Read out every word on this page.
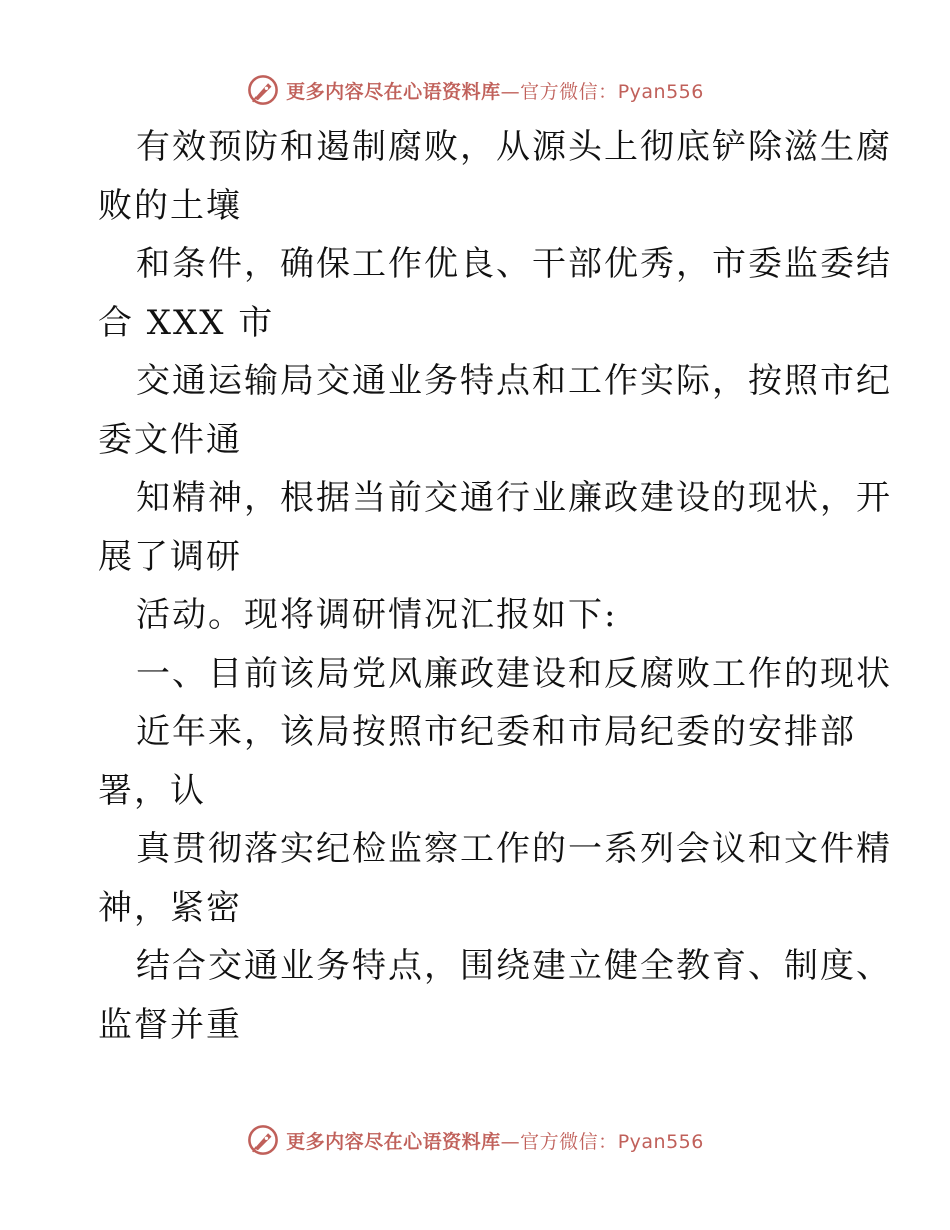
更多内容尽在心语资料库—官方微信：Pyan556
有效预防和遏制腐败，从源头上彻底铲除滋生腐
败的土壤
和条件，确保工作优良、干部优秀，市委监委结
合 XXX 市
交通运输局交通业务特点和工作实际，按照市纪
委文件通
知精神，根据当前交通行业廉政建设的现状，开
展了调研
活动。现将调研情况汇报如下:
一、目前该局党风廉政建设和反腐败工作的现状
近年来，该局按照市纪委和市局纪委的安排部
署，认
真贯彻落实纪检监察工作的一系列会议和文件精
神，紧密
结合交通业务特点，围绕建立健全教育、制度、
监督并重
更多内容尽在心语资料库—官方微信：Pyan556
